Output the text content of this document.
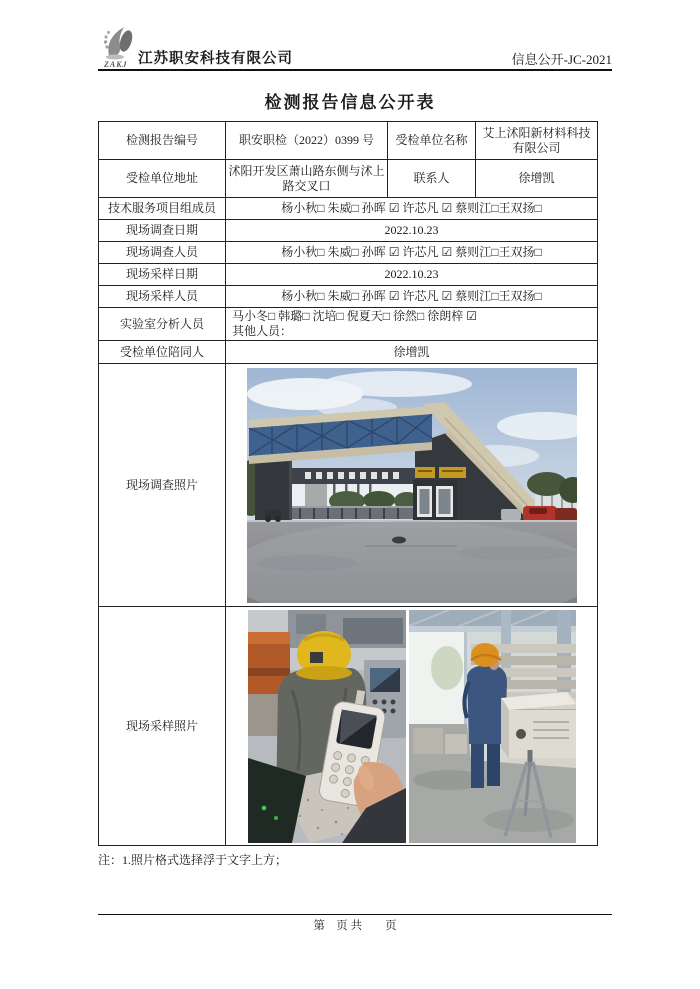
ZAKJ 江苏职安科技有限公司	信息公开-JC-2021
检测报告信息公开表
检测报告编号	职安职检（2022）0399 号	受检单位名称	艾上沭阳新材料科技有限公司
受检单位地址	沭阳开发区萧山路东侧与沭上路交叉口	联系人	徐增凯
技术服务项目组成员	杨小秋□ 朱威□ 孙晖 ☑ 许芯凡 ☑ 蔡则江□王双扬□		
现场调查日期	2022.10.23		
现场调查人员	杨小秋□ 朱威□ 孙晖 ☑ 许芯凡 ☑ 蔡则江□王双扬□		
现场采样日期	2022.10.23		
现场采样人员	杨小秋□ 朱威□ 孙晖 ☑ 许芯凡 ☑ 蔡则江□王双扬□		
实验室分析人员	马小冬□ 韩璐□ 沈培□ 倪夏天□ 徐然□ 徐朗梓 ☑
其他人员：		

受检单位陪同人	徐增凯		
现场调查照片	

现场采样照片	
注：1.照片格式选择浮于文字上方；
第　页 共　　页
